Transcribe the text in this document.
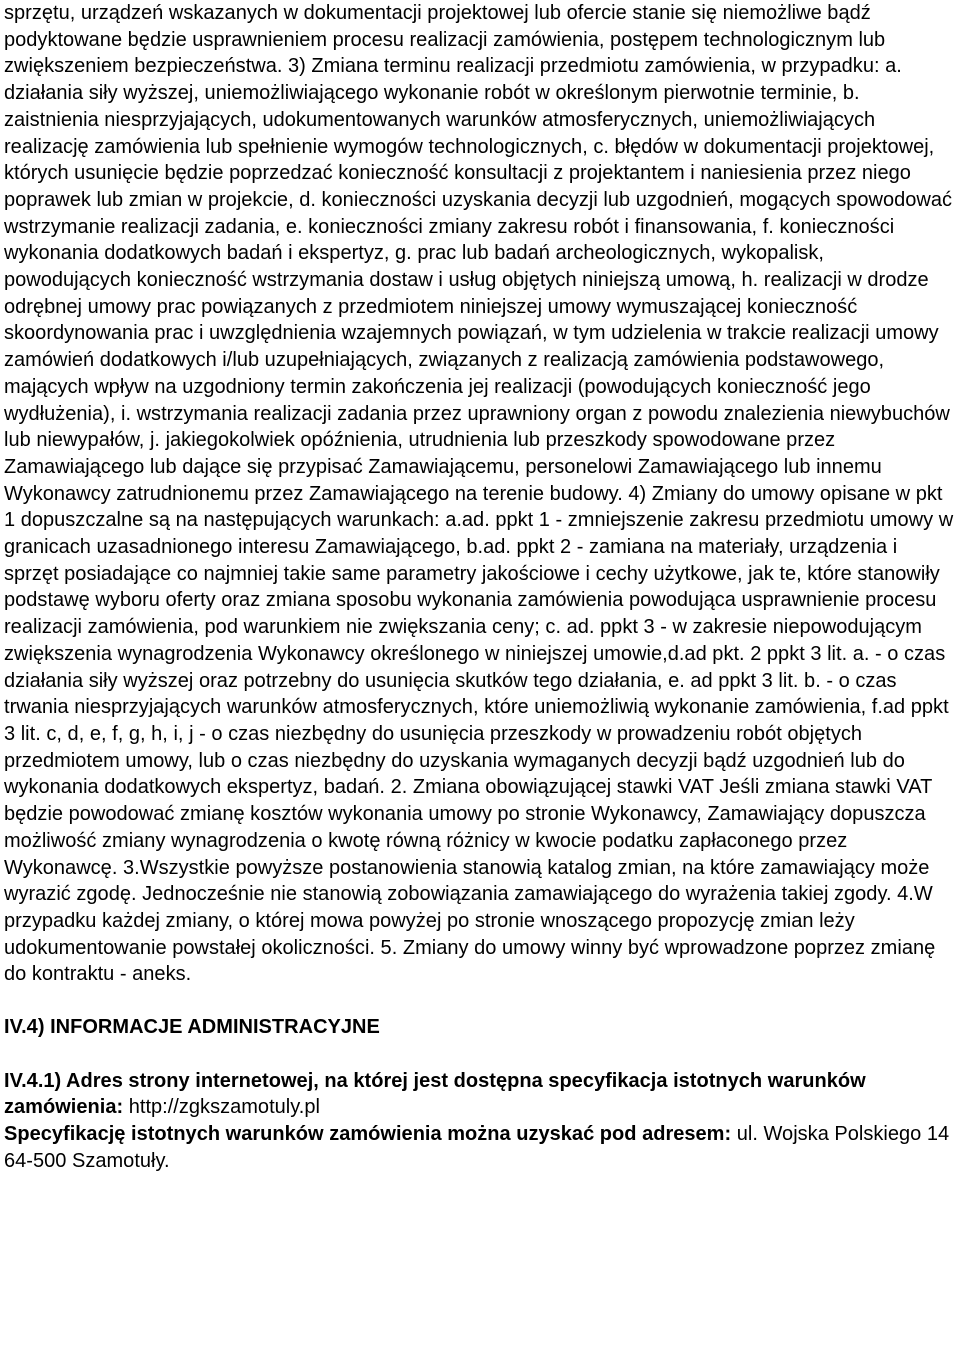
sprzętu, urządzeń wskazanych w dokumentacji projektowej lub ofercie stanie się niemożliwe bądź podyktowane będzie usprawnieniem procesu realizacji zamówienia, postępem technologicznym lub zwiększeniem bezpieczeństwa. 3) Zmiana terminu realizacji przedmiotu zamówienia, w przypadku: a. działania siły wyższej, uniemożliwiającego wykonanie robót w określonym pierwotnie terminie, b. zaistnienia niesprzyjających, udokumentowanych warunków atmosferycznych, uniemożliwiających realizację zamówienia lub spełnienie wymogów technologicznych, c. błędów w dokumentacji projektowej, których usunięcie będzie poprzedzać konieczność konsultacji z projektantem i naniesienia przez niego poprawek lub zmian w projekcie, d. konieczności uzyskania decyzji lub uzgodnień, mogących spowodować wstrzymanie realizacji zadania, e. konieczności zmiany zakresu robót i finansowania, f. konieczności wykonania dodatkowych badań i ekspertyz, g. prac lub badań archeologicznych, wykopalisk, powodujących konieczność wstrzymania dostaw i usług objętych niniejszą umową, h. realizacji w drodze odrębnej umowy prac powiązanych z przedmiotem niniejszej umowy wymuszającej konieczność skoordynowania prac i uwzględnienia wzajemnych powiązań, w tym udzielenia w trakcie realizacji umowy zamówień dodatkowych i/lub uzupełniających, związanych z realizacją zamówienia podstawowego, mających wpływ na uzgodniony termin zakończenia jej realizacji (powodujących konieczność jego wydłużenia), i. wstrzymania realizacji zadania przez uprawniony organ z powodu znalezienia niewybuchów lub niewypałów, j. jakiegokolwiek opóźnienia, utrudnienia lub przeszkody spowodowane przez Zamawiającego lub dające się przypisać Zamawiającemu, personelowi Zamawiającego lub innemu Wykonawcy zatrudnionemu przez Zamawiającego na terenie budowy. 4) Zmiany do umowy opisane w pkt 1 dopuszczalne są na następujących warunkach: a.ad. ppkt 1 - zmniejszenie zakresu przedmiotu umowy w granicach uzasadnionego interesu Zamawiającego, b.ad. ppkt 2 - zamiana na materiały, urządzenia i sprzęt posiadające co najmniej takie same parametry jakościowe i cechy użytkowe, jak te, które stanowiły podstawę wyboru oferty oraz zmiana sposobu wykonania zamówienia powodująca usprawnienie procesu realizacji zamówienia, pod warunkiem nie zwiększania ceny; c. ad. ppkt 3 - w zakresie niepowodującym zwiększenia wynagrodzenia Wykonawcy określonego w niniejszej umowie,d.ad pkt. 2 ppkt 3 lit. a. - o czas działania siły wyższej oraz potrzebny do usunięcia skutków tego działania, e. ad ppkt 3 lit. b. - o czas trwania niesprzyjających warunków atmosferycznych, które uniemożliwią wykonanie zamówienia, f.ad ppkt 3 lit. c, d, e, f, g, h, i, j - o czas niezbędny do usunięcia przeszkody w prowadzeniu robót objętych przedmiotem umowy, lub o czas niezbędny do uzyskania wymaganych decyzji bądź uzgodnień lub do wykonania dodatkowych ekspertyz, badań. 2. Zmiana obowiązującej stawki VAT Jeśli zmiana stawki VAT będzie powodować zmianę kosztów wykonania umowy po stronie Wykonawcy, Zamawiający dopuszcza możliwość zmiany wynagrodzenia o kwotę równą różnicy w kwocie podatku zapłaconego przez Wykonawcę. 3.Wszystkie powyższe postanowienia stanowią katalog zmian, na które zamawiający może wyrazić zgodę. Jednocześnie nie stanowią zobowiązania zamawiającego do wyrażenia takiej zgody. 4.W przypadku każdej zmiany, o której mowa powyżej po stronie wnoszącego propozycję zmian leży udokumentowanie powstałej okoliczności. 5. Zmiany do umowy winny być wprowadzone poprzez zmianę do kontraktu - aneks.

IV.4) INFORMACJE ADMINISTRACYJNE
IV.4.1) Adres strony internetowej, na której jest dostępna specyfikacja istotnych warunków zamówienia: http://zgkszamotuly.pl
Specyfikację istotnych warunków zamówienia można uzyskać pod adresem: ul. Wojska Polskiego 14 64-500 Szamotuły.
